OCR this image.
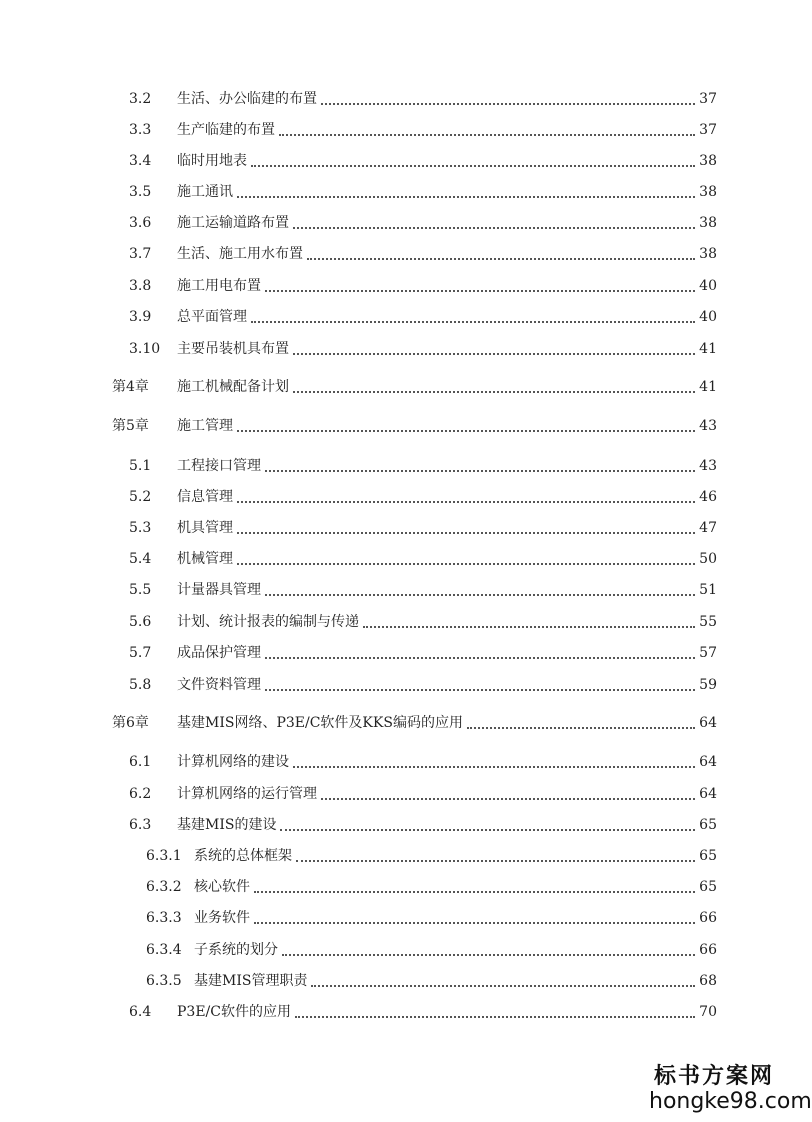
3.2 生活、办公临建的布置	37
3.3 生产临建的布置	37
3.4 临时用地表	38
3.5 施工通讯	38
3.6 施工运输道路布置	38
3.7 生活、施工用水布置	38
3.8 施工用电布置	40
3.9 总平面管理	40
3.10 主要吊装机具布置	41
第4章 施工机械配备计划	41
第5章 施工管理	43
5.1 工程接口管理	43
5.2 信息管理	46
5.3 机具管理	47
5.4 机械管理	50
5.5 计量器具管理	51
5.6 计划、统计报表的编制与传递	55
5.7 成品保护管理	57
5.8 文件资料管理	59
第6章 基建MIS网络、P3E/C软件及KKS编码的应用	64
6.1 计算机网络的建设	64
6.2 计算机网络的运行管理	64
6.3 基建MIS的建设	65
6.3.1 系统的总体框架	65
6.3.2 核心软件	65
6.3.3 业务软件	66
6.3.4 子系统的划分	66
6.3.5 基建MIS管理职责	68
6.4 P3E/C软件的应用	70
标书方案网
hongke98.com
